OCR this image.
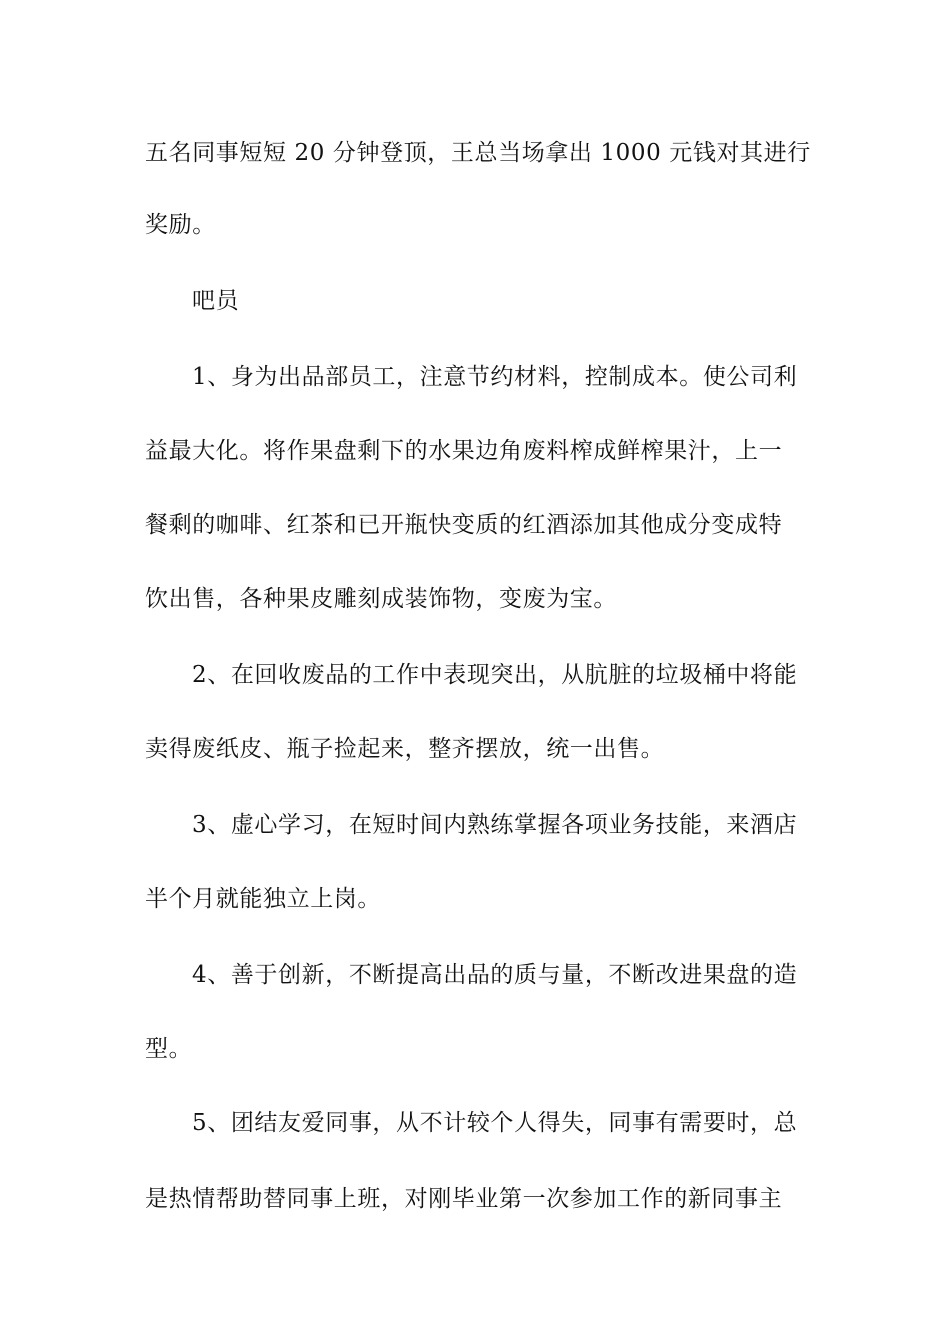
五名同事短短 20 分钟登顶，王总当场拿出 1000 元钱对其进行
奖励。
吧员
1、身为出品部员工，注意节约材料，控制成本。使公司利
益最大化。将作果盘剩下的水果边角废料榨成鲜榨果汁，上一
餐剩的咖啡、红茶和已开瓶快变质的红酒添加其他成分变成特
饮出售，各种果皮雕刻成装饰物，变废为宝。
2、在回收废品的工作中表现突出，从肮脏的垃圾桶中将能
卖得废纸皮、瓶子捡起来，整齐摆放，统一出售。
3、虚心学习，在短时间内熟练掌握各项业务技能，来酒店
半个月就能独立上岗。
4、善于创新，不断提高出品的质与量，不断改进果盘的造
型。
5、团结友爱同事，从不计较个人得失，同事有需要时，总
是热情帮助替同事上班，对刚毕业第一次参加工作的新同事主
